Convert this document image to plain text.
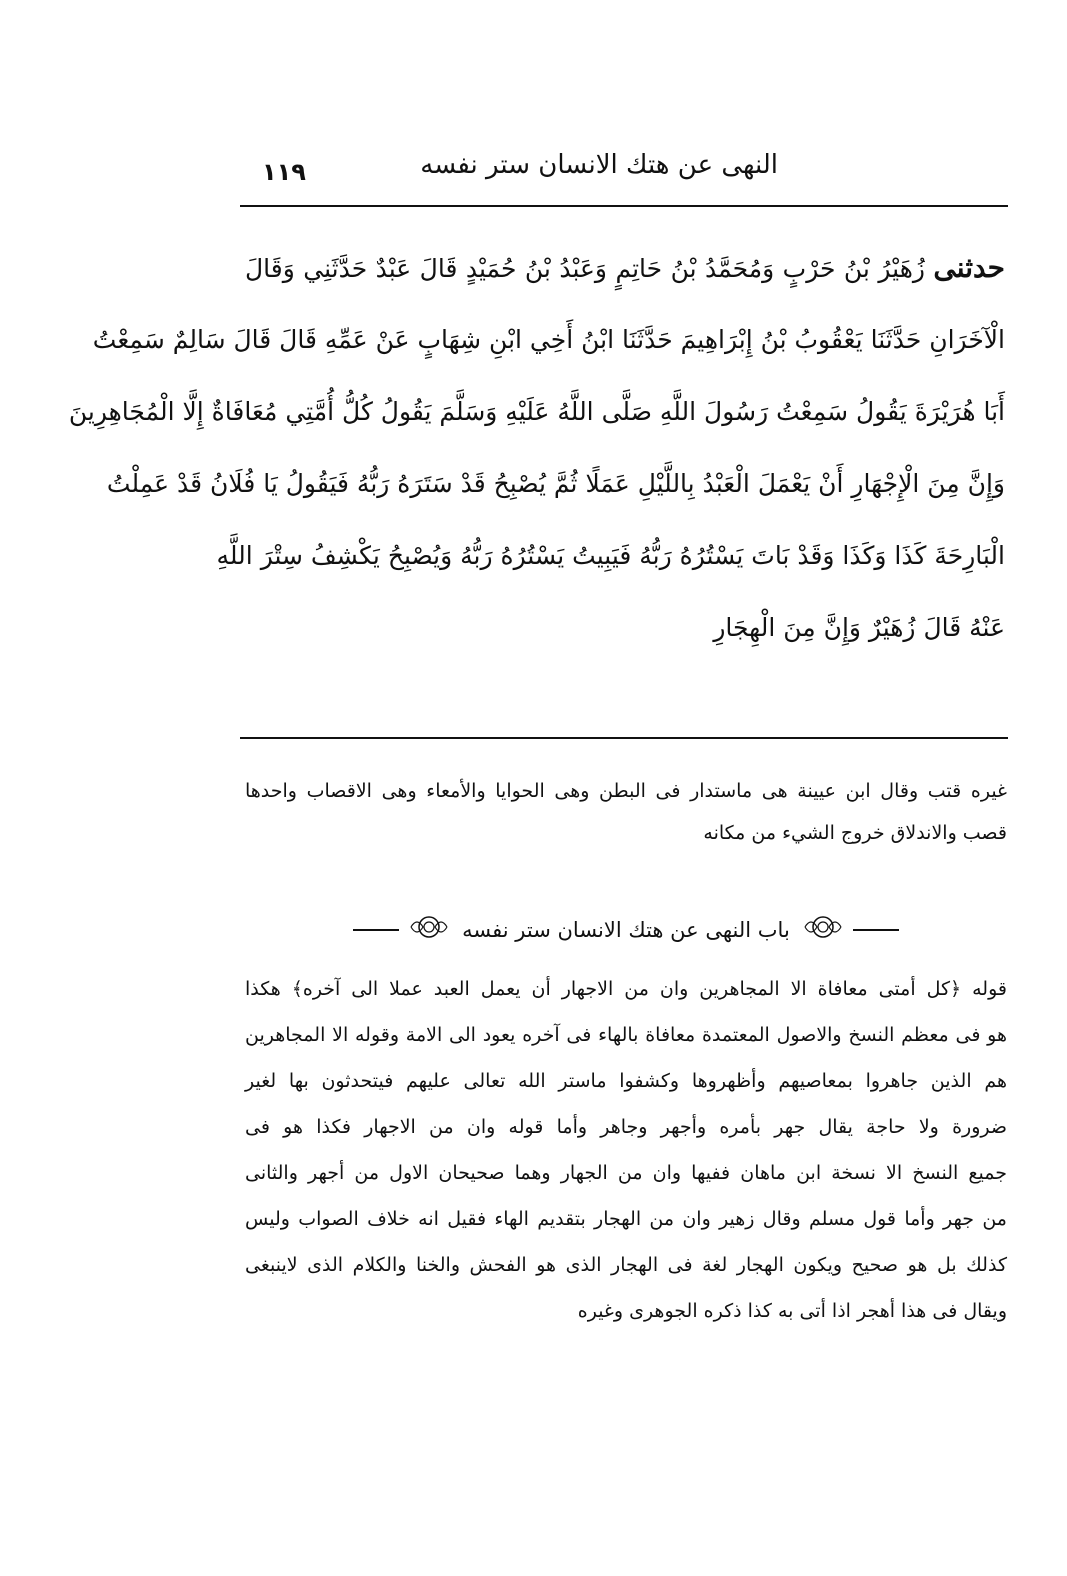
النهى عن هتك الانسان ستر نفسه
١١٩

حدثنى زُهَيْرُ بْنُ حَرْبٍ وَمُحَمَّدُ بْنُ حَاتِمٍ وَعَبْدُ بْنُ حُمَيْدٍ قَالَ عَبْدٌ حَدَّثَنِي وَقَالَ

الْآخَرَانِ حَدَّثَنَا يَعْقُوبُ بْنُ إِبْرَاهِيمَ حَدَّثَنَا ابْنُ أَخِي ابْنِ شِهَابٍ عَنْ عَمِّهِ قَالَ قَالَ سَالِمٌ سَمِعْتُ

أَبَا هُرَيْرَةَ يَقُولُ سَمِعْتُ رَسُولَ اللَّهِ صَلَّى اللَّهُ عَلَيْهِ وَسَلَّمَ يَقُولُ كُلُّ أُمَّتِي مُعَافَاةٌ إِلَّا الْمُجَاهِرِينَ

وَإِنَّ مِنَ الْإِجْهَارِ أَنْ يَعْمَلَ الْعَبْدُ بِاللَّيْلِ عَمَلًا ثُمَّ يُصْبِحُ قَدْ سَتَرَهُ رَبُّهُ فَيَقُولُ يَا فُلَانُ قَدْ عَمِلْتُ

الْبَارِحَةَ كَذَا وَكَذَا وَقَدْ بَاتَ يَسْتُرُهُ رَبُّهُ فَيَبِيتُ يَسْتُرُهُ رَبُّهُ وَيُصْبِحُ يَكْشِفُ سِتْرَ اللَّهِ

عَنْهُ قَالَ زُهَيْرٌ وَإِنَّ مِنَ الْهِجَارِ

غيره قتب وقال ابن عيينة هى ماستدار فى البطن وهى الحوايا والأمعاء وهى الاقصاب واحدها

قصب والاندلاق خروج الشيء من مكانه

باب النهى عن هتك الانسان ستر نفسه

قوله ﴿كل أمتى معافاة الا المجاهرين وان من الاجهار أن يعمل العبد عملا الى آخره﴾ هكذا

هو فى معظم النسخ والاصول المعتمدة معافاة بالهاء فى آخره يعود الى الامة وقوله الا المجاهرين

هم الذين جاهروا بمعاصيهم وأظهروها وكشفوا ماستر الله تعالى عليهم فيتحدثون بها لغير

ضرورة ولا حاجة يقال جهر بأمره وأجهر وجاهر وأما قوله وان من الاجهار فكذا هو فى

جميع النسخ الا نسخة ابن ماهان ففيها وان من الجهار وهما صحيحان الاول من أجهر والثانى

من جهر وأما قول مسلم وقال زهير وان من الهجار بتقديم الهاء فقيل انه خلاف الصواب وليس

كذلك بل هو صحيح ويكون الهجار لغة فى الهجار الذى هو الفحش والخنا والكلام الذى لاينبغى

ويقال فى هذا أهجر اذا أتى به كذا ذكره الجوهرى وغيره
